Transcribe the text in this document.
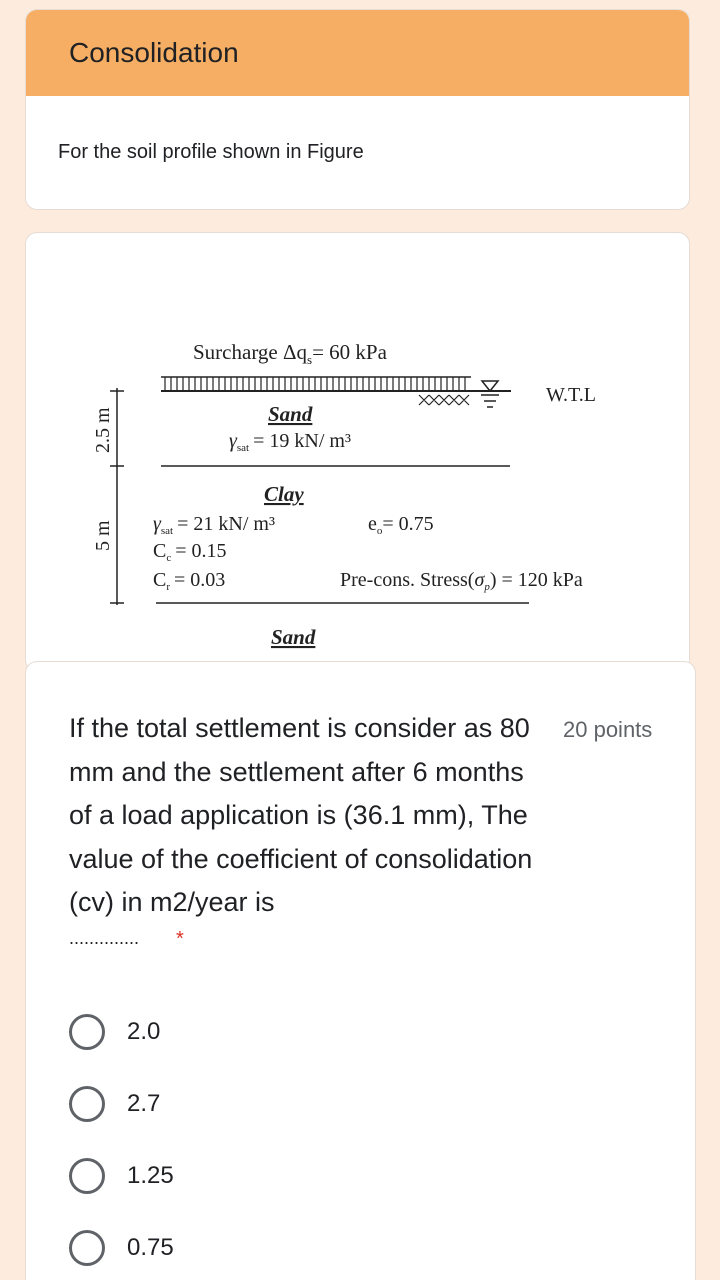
Consolidation
For the soil profile shown in Figure
Surcharge $\Delta q_s= 60$ kPa
W.T.L
Sand
$\gamma_{sat} = 19$ kN/ m³
Clay
$\gamma_{sat} = 21$ kN/ m³
$C_c = 0.15$
$C_r = 0.03$
$e_o= 0.75$
Pre-cons. $Stress(\sigma_p) = 120$ kPa
Sand
2.5 m
5 m
If the total settlement is consider as 80 mm and the settlement after 6 months of a load application is (36.1 mm), The value of the coefficient of consolidation (cv) in m2/year is
.............. *
20 points
2.0
2.7
1.25
0.75
